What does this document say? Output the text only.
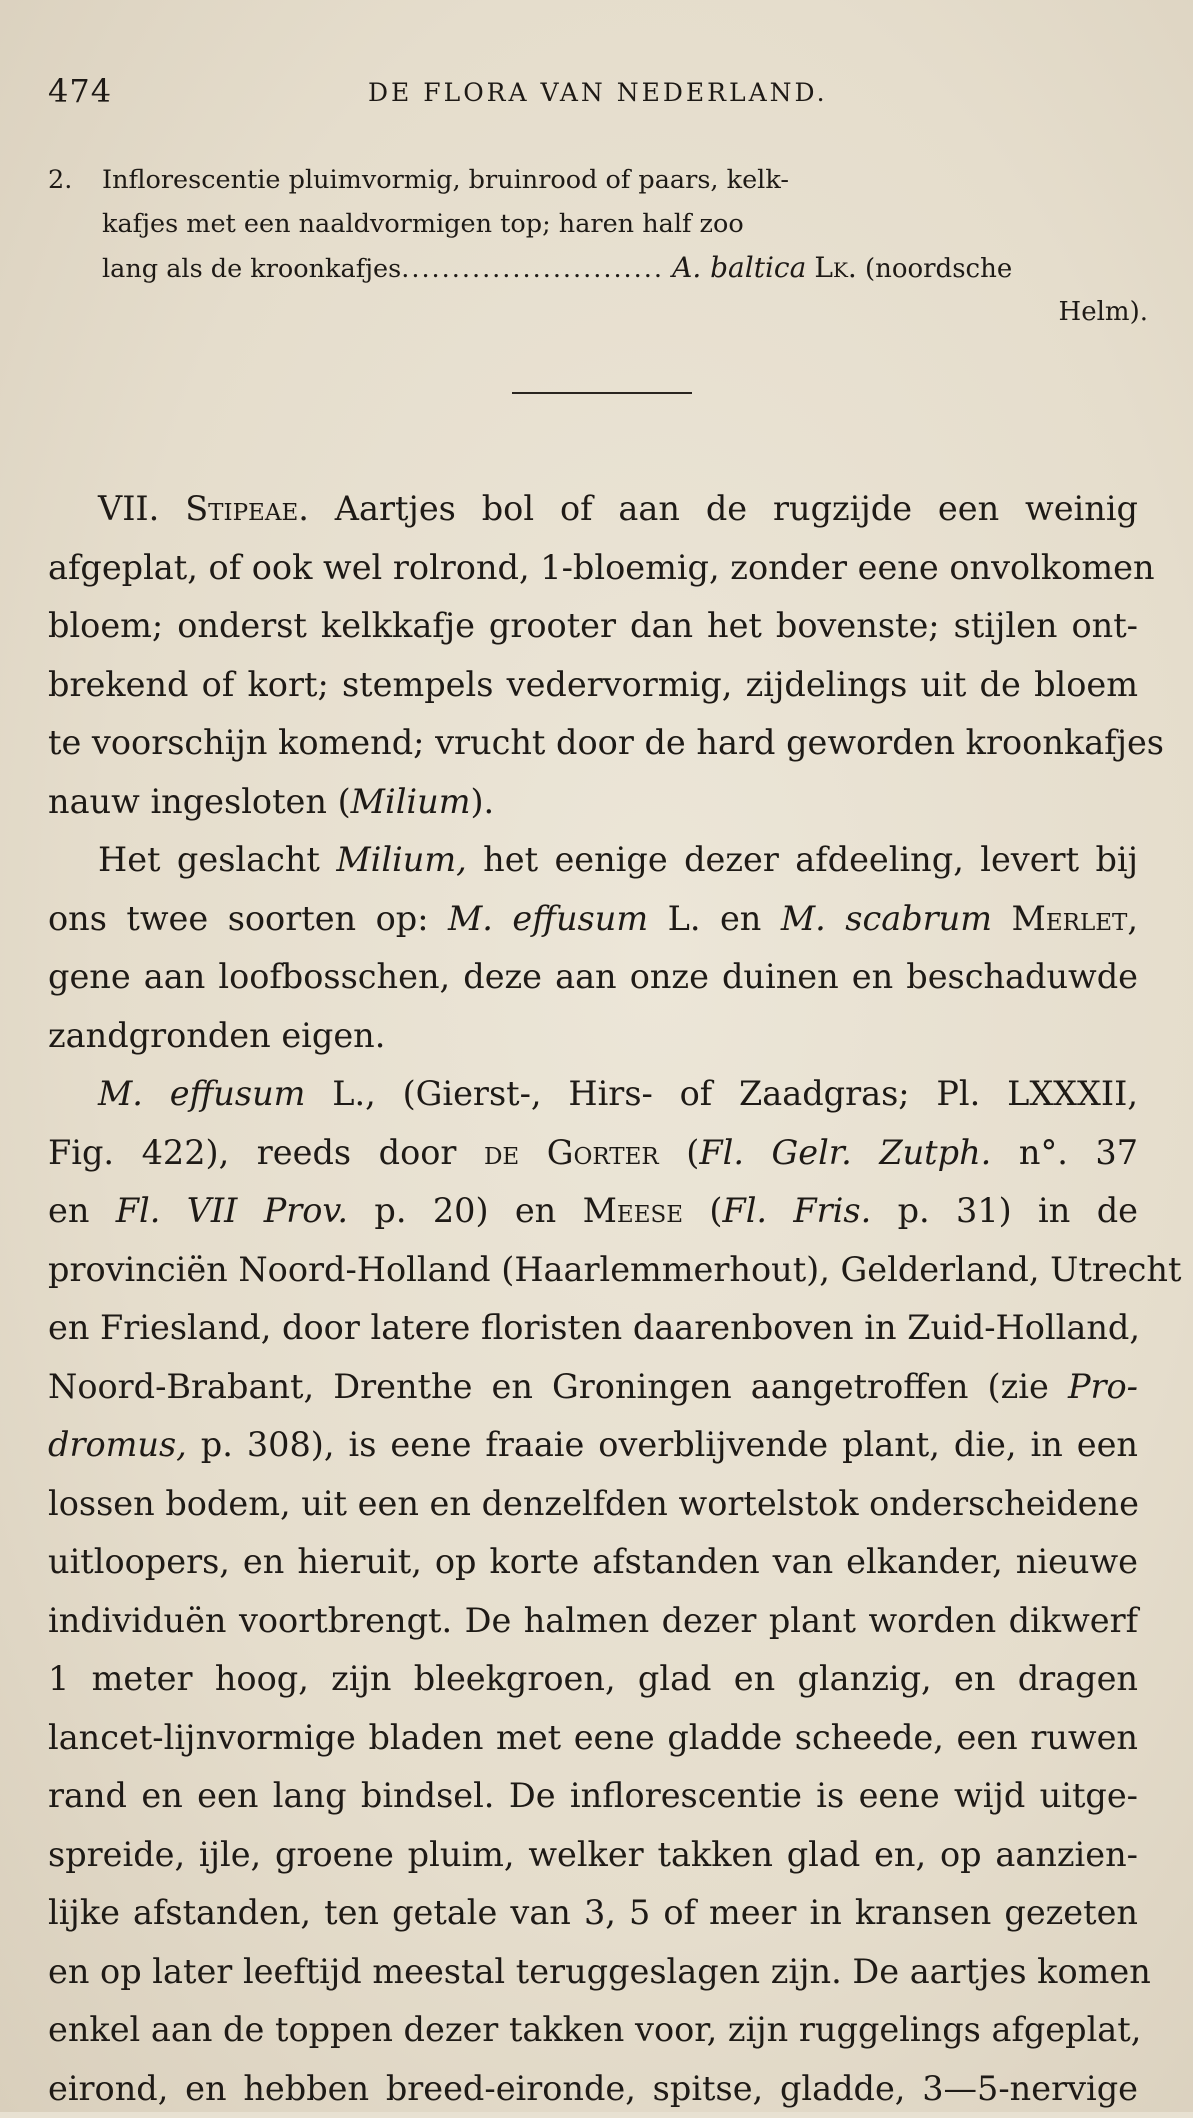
474	DE FLORA VAN NEDERLAND.
2. Inflorescentie pluimvormig, bruinrood of paars, kelk-
kafjes met een naaldvormigen top; haren half zoo
lang als de kroonkafjes.......................... A. baltica Lk. (noordsche
Helm).
VII. Stipeae. Aartjes bol of aan de rugzijde een weinig
afgeplat, of ook wel rolrond, 1-bloemig, zonder eene onvolkomen
bloem; onderst kelkkafje grooter dan het bovenste; stijlen ont-
brekend of kort; stempels vedervormig, zijdelings uit de bloem
te voorschijn komend; vrucht door de hard geworden kroonkafjes
nauw ingesloten (Milium).
Het geslacht Milium, het eenige dezer afdeeling, levert bij
ons twee soorten op: M. effusum L. en M. scabrum Merlet,
gene aan loofbosschen, deze aan onze duinen en beschaduwde
zandgronden eigen.
M. effusum L., (Gierst-, Hirs- of Zaadgras; Pl. LXXXII,
Fig. 422), reeds door de Gorter (Fl. Gelr. Zutph. n°. 37
en Fl. VII Prov. p. 20) en Meese (Fl. Fris. p. 31) in de
provinciën Noord-Holland (Haarlemmerhout), Gelderland, Utrecht
en Friesland, door latere floristen daarenboven in Zuid-Holland,
Noord-Brabant, Drenthe en Groningen aangetroffen (zie Pro-
dromus, p. 308), is eene fraaie overblijvende plant, die, in een
lossen bodem, uit een en denzelfden wortelstok onderscheidene
uitloopers, en hieruit, op korte afstanden van elkander, nieuwe
individuën voortbrengt. De halmen dezer plant worden dikwerf
1 meter hoog, zijn bleekgroen, glad en glanzig, en dragen
lancet-lijnvormige bladen met eene gladde scheede, een ruwen
rand en een lang bindsel. De inflorescentie is eene wijd uitge-
spreide, ijle, groene pluim, welker takken glad en, op aanzien-
lijke afstanden, ten getale van 3, 5 of meer in kransen gezeten
en op later leeftijd meestal teruggeslagen zijn. De aartjes komen
enkel aan de toppen dezer takken voor, zijn ruggelings afgeplat,
eirond, en hebben breed-eironde, spitse, gladde, 3—5-nervige
